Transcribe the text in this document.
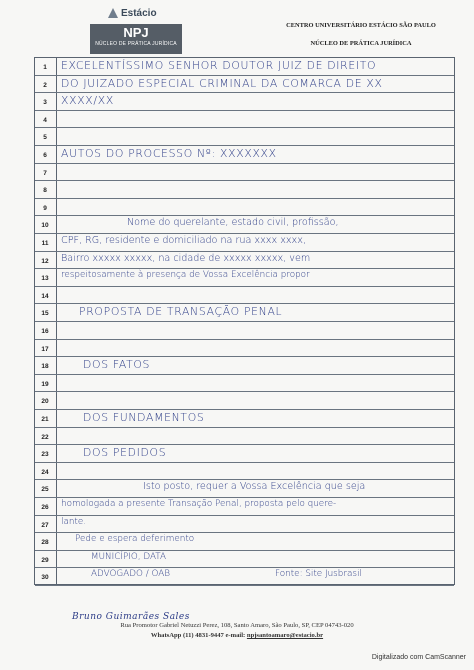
Estácio
NPJ
NÚCLEO DE PRÁTICA JURÍDICA
CENTRO UNIVERSITÁRIO ESTÁCIO SÃO PAULO
NÚCLEO DE PRÁTICA JURÍDICA
1	EXCELENTÍSSIMO SENHOR DOUTOR JUIZ DE DIREITO
2	DO JUIZADO ESPECIAL CRIMINAL DA COMARCA DE XX
3	XXXX/XX
4
5
6	AUTOS DO PROCESSO Nº: XXXXXXX
7
8
9
10	Nome do querelante, estado civil, profissão,
11	CPF, RG, residente e domiciliado na rua xxxx xxxx,
12	Bairro xxxxx xxxxx, na cidade de xxxxx xxxxx, vem
13	respeitosamente à presença de Vossa Excelência propor
14
15	PROPOSTA DE TRANSAÇÃO PENAL
16
17
18	DOS FATOS
19
20
21	DOS FUNDAMENTOS
22
23	DOS PEDIDOS
24
25	Isto posto, requer a Vossa Excelência que seja
26	homologada a presente Transação Penal, proposta pelo quere-
27	lante.
28	Pede e espera deferimento
29	MUNICÍPIO, DATA
30	ADVOGADO / OAB	Fonte: Site Jusbrasil
Bruno Guimarães Sales
Rua Promotor Gabriel Netuzzi Perez, 108, Santo Amaro, São Paulo, SP, CEP 04743-020
WhatsApp (11) 4831-9447 e-mail: npjsantoamaro@estacio.br
Digitalizado com CamScanner
